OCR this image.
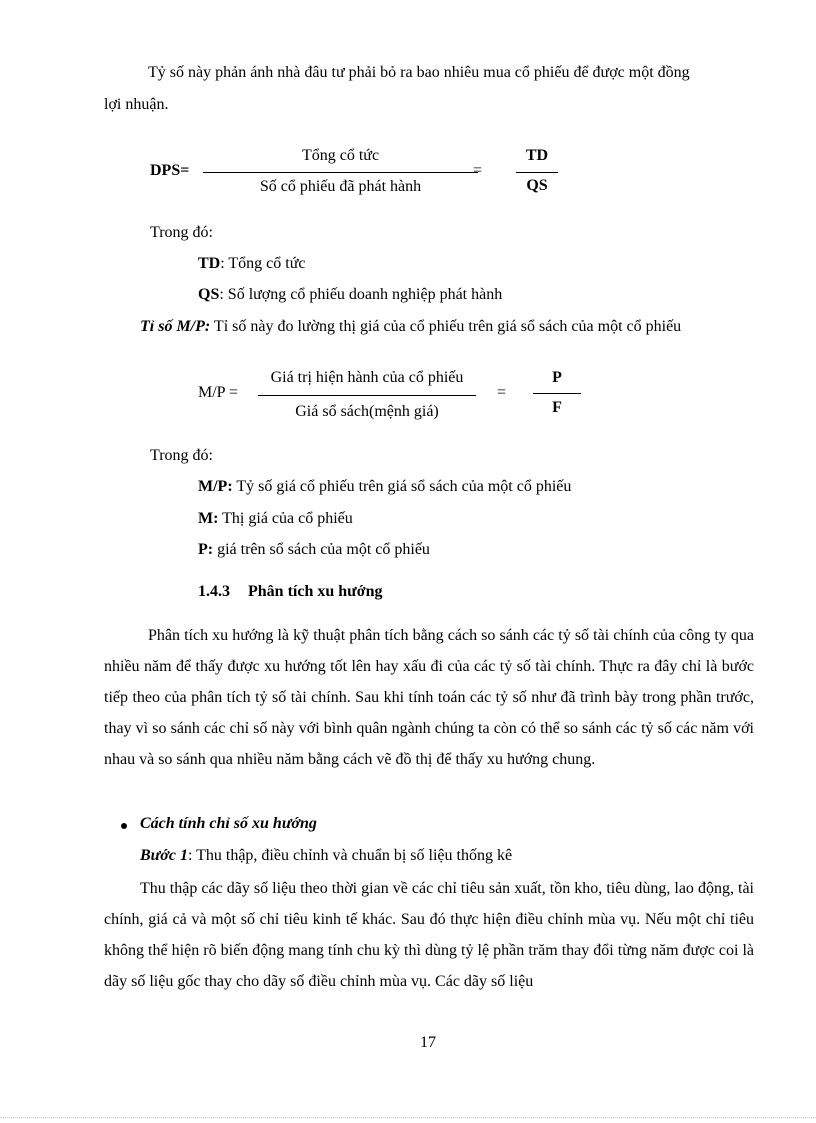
Tỷ số này phản ánh nhà đâu tư phải bỏ ra bao nhiêu mua cổ phiếu để được một đồng
lợi nhuận.
DPS=
Tổng cổ tức
Số cổ phiếu đã phát hành
=
TD
QS
Trong đó:
TD: Tổng cổ tức
QS: Số lượng cổ phiếu doanh nghiệp phát hành
Tỉ số M/P: Tỉ số này đo lường thị giá của cổ phiếu trên giá sổ sách của một cổ phiếu
M/P =
Giá trị hiện hành của cổ phiếu
Giá sổ sách(mệnh giá)
=
P
F
Trong đó:
M/P: Tỷ số giá cổ phiếu trên giá sổ sách của một cổ phiếu
M: Thị giá của cổ phiếu
P: giá trên sổ sách của một cổ phiếu
1.4.3 Phân tích xu hướng
Phân tích xu hướng là kỹ thuật phân tích bằng cách so sánh các tỷ số tài chính của công ty qua nhiều năm để thấy được xu hướng tốt lên hay xấu đi của các tỷ số tài chính. Thực ra đây chỉ là bước tiếp theo của phân tích tỷ số tài chính. Sau khi tính toán các tỷ số như đã trình bày trong phần trước, thay vì so sánh các chỉ số này với bình quân ngành chúng ta còn có thể so sánh các tỷ số các năm với nhau và so sánh qua nhiều năm bằng cách vẽ đồ thị để thấy xu hướng chung.
Cách tính chỉ số xu hướng
Bước 1: Thu thập, điều chỉnh và chuẩn bị số liệu thống kê
Thu thập các dãy số liệu theo thời gian về các chỉ tiêu sản xuất, tồn kho, tiêu dùng, lao động, tài chính, giá cả và một số chỉ tiêu kinh tế khác. Sau đó thực hiện điều chỉnh mùa vụ. Nếu một chỉ tiêu không thể hiện rõ biến động mang tính chu kỳ thì dùng tỷ lệ phần trăm thay đổi từng năm được coi là dãy số liệu gốc thay cho dãy số điều chỉnh mùa vụ. Các dãy số liệu
17
